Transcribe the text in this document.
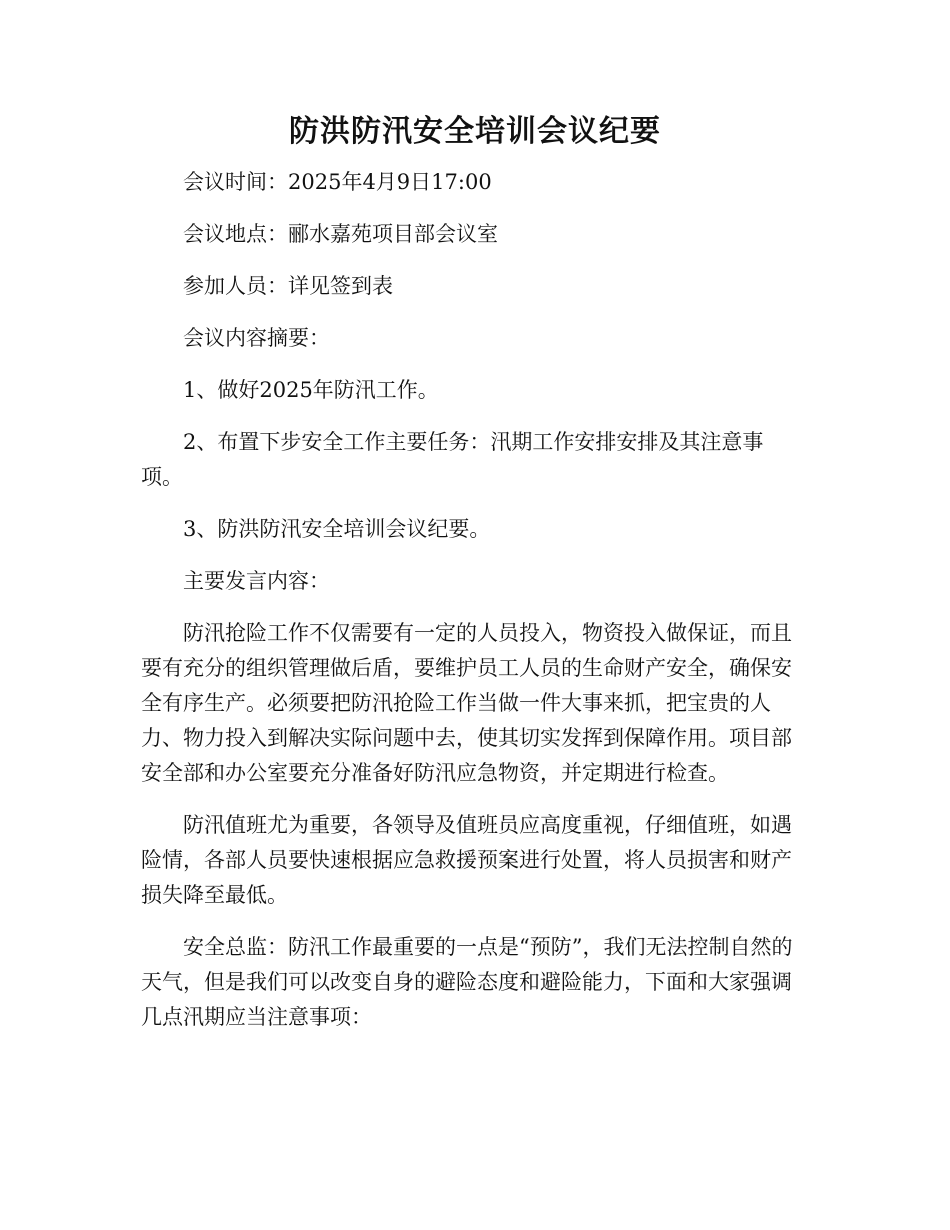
防洪防汛安全培训会议纪要

会议时间：2025年4月9日17:00

会议地点：郦水嘉苑项目部会议室

参加人员：详见签到表

会议内容摘要：

1、做好2025年防汛工作。

2、布置下步安全工作主要任务：汛期工作安排安排及其注意事项。

3、防洪防汛安全培训会议纪要。

主要发言内容：

防汛抢险工作不仅需要有一定的人员投入，物资投入做保证，而且要有充分的组织管理做后盾，要维护员工人员的生命财产安全，确保安全有序生产。必须要把防汛抢险工作当做一件大事来抓，把宝贵的人力、物力投入到解决实际问题中去，使其切实发挥到保障作用。项目部安全部和办公室要充分准备好防汛应急物资，并定期进行检查。

防汛值班尤为重要，各领导及值班员应高度重视，仔细值班，如遇险情，各部人员要快速根据应急救援预案进行处置，将人员损害和财产损失降至最低。

安全总监：防汛工作最重要的一点是“预防”，我们无法控制自然的天气，但是我们可以改变自身的避险态度和避险能力，下面和大家强调几点汛期应当注意事项：
